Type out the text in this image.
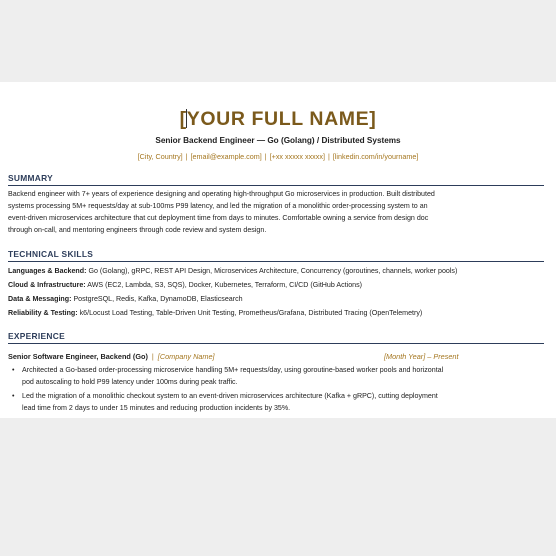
[YOUR FULL NAME]
Senior Backend Engineer — Go (Golang) / Distributed Systems
[City, Country] | [email@example.com] | [+xx xxxxx xxxxx] | [linkedin.com/in/yourname]
SUMMARY
Backend engineer with 7+ years of experience designing and operating high-throughput Go microservices in production. Built distributed
systems processing 5M+ requests/day at sub-100ms P99 latency, and led the migration of a monolithic order-processing system to an
event-driven microservices architecture that cut deployment time from days to minutes. Comfortable owning a service from design doc
through on-call, and mentoring engineers through code review and system design.
TECHNICAL SKILLS
Languages & Backend: Go (Golang), gRPC, REST API Design, Microservices Architecture, Concurrency (goroutines, channels, worker pools)
Cloud & Infrastructure: AWS (EC2, Lambda, S3, SQS), Docker, Kubernetes, Terraform, CI/CD (GitHub Actions)
Data & Messaging: PostgreSQL, Redis, Kafka, DynamoDB, Elasticsearch
Reliability & Testing: k6/Locust Load Testing, Table-Driven Unit Testing, Prometheus/Grafana, Distributed Tracing (OpenTelemetry)
EXPERIENCE
Senior Software Engineer, Backend (Go) | [Company Name]	[Month Year] – Present
• Architected a Go-based order-processing microservice handling 5M+ requests/day, using goroutine-based worker pools and horizontal
pod autoscaling to hold P99 latency under 100ms during peak traffic.
• Led the migration of a monolithic checkout system to an event-driven microservices architecture (Kafka + gRPC), cutting deployment
lead time from 2 days to under 15 minutes and reducing production incidents by 35%.
